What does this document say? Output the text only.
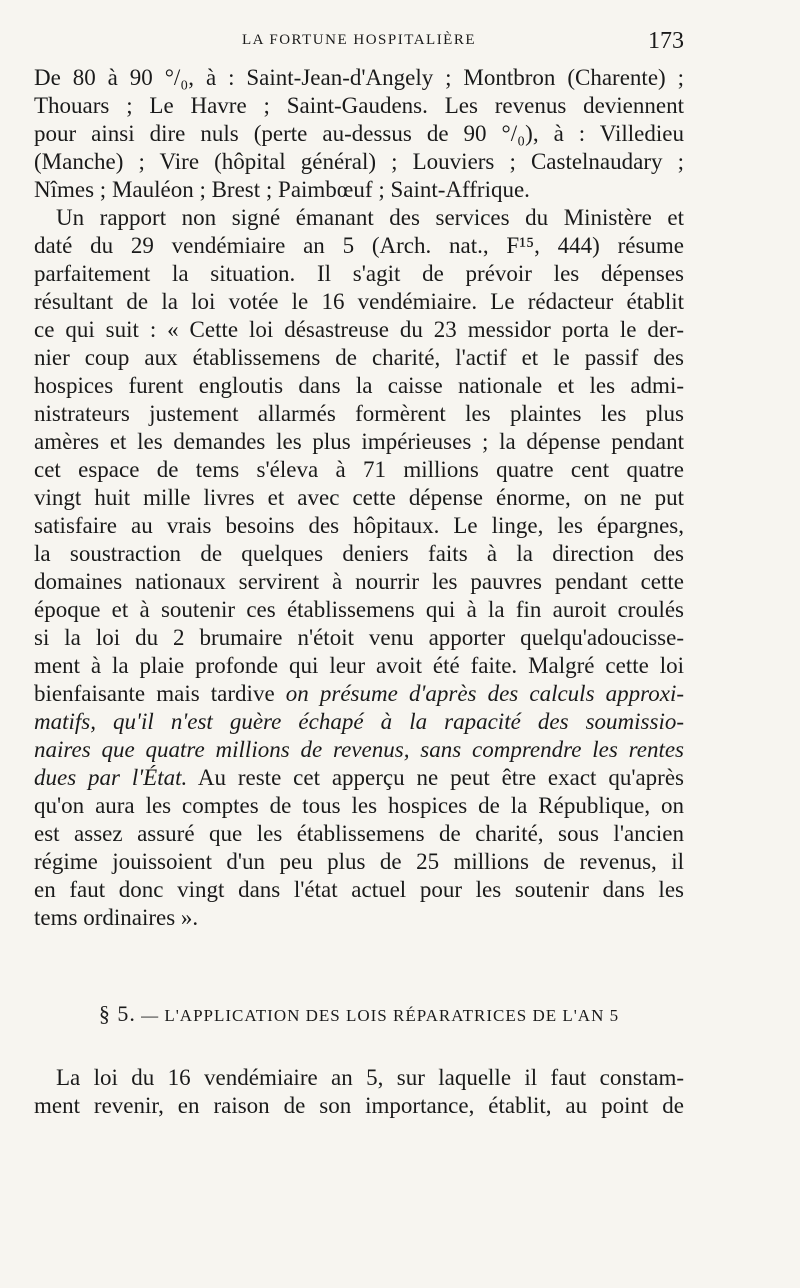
LA FORTUNE HOSPITALIÈRE	173
De 80 à 90 °/₀, à : Saint-Jean-d'Angely ; Montbron (Charente) ;
Thouars ; Le Havre ; Saint-Gaudens. Les revenus deviennent
pour ainsi dire nuls (perte au-dessus de 90 °/₀), à : Villedieu
(Manche) ; Vire (hôpital général) ; Louviers ; Castelnaudary ;
Nîmes ; Mauléon ; Brest ; Paimbœuf ; Saint-Affrique.
Un rapport non signé émanant des services du Ministère et
daté du 29 vendémiaire an 5 (Arch. nat., F¹⁵, 444) résume
parfaitement la situation. Il s'agit de prévoir les dépenses
résultant de la loi votée le 16 vendémiaire. Le rédacteur établit
ce qui suit : « Cette loi désastreuse du 23 messidor porta le der-
nier coup aux établissemens de charité, l'actif et le passif des
hospices furent engloutis dans la caisse nationale et les admi-
nistrateurs justement allarmés formèrent les plaintes les plus
amères et les demandes les plus impérieuses ; la dépense pendant
cet espace de tems s'éleva à 71 millions quatre cent quatre
vingt huit mille livres et avec cette dépense énorme, on ne put
satisfaire au vrais besoins des hôpitaux. Le linge, les épargnes,
la soustraction de quelques deniers faits à la direction des
domaines nationaux servirent à nourrir les pauvres pendant cette
époque et à soutenir ces établissemens qui à la fin auroit croulés
si la loi du 2 brumaire n'étoit venu apporter quelqu'adoucisse-
ment à la plaie profonde qui leur avoit été faite. Malgré cette loi
bienfaisante mais tardive on présume d'après des calculs approxi-
matifs, qu'il n'est guère échapé à la rapacité des soumissio-
naires que quatre millions de revenus, sans comprendre les rentes
dues par l'État. Au reste cet apperçu ne peut être exact qu'après
qu'on aura les comptes de tous les hospices de la République, on
est assez assuré que les établissemens de charité, sous l'ancien
régime jouissoient d'un peu plus de 25 millions de revenus, il
en faut donc vingt dans l'état actuel pour les soutenir dans les
tems ordinaires ».
§ 5. — L'APPLICATION DES LOIS RÉPARATRICES DE L'AN 5
La loi du 16 vendémiaire an 5, sur laquelle il faut constam-
ment revenir, en raison de son importance, établit, au point de
